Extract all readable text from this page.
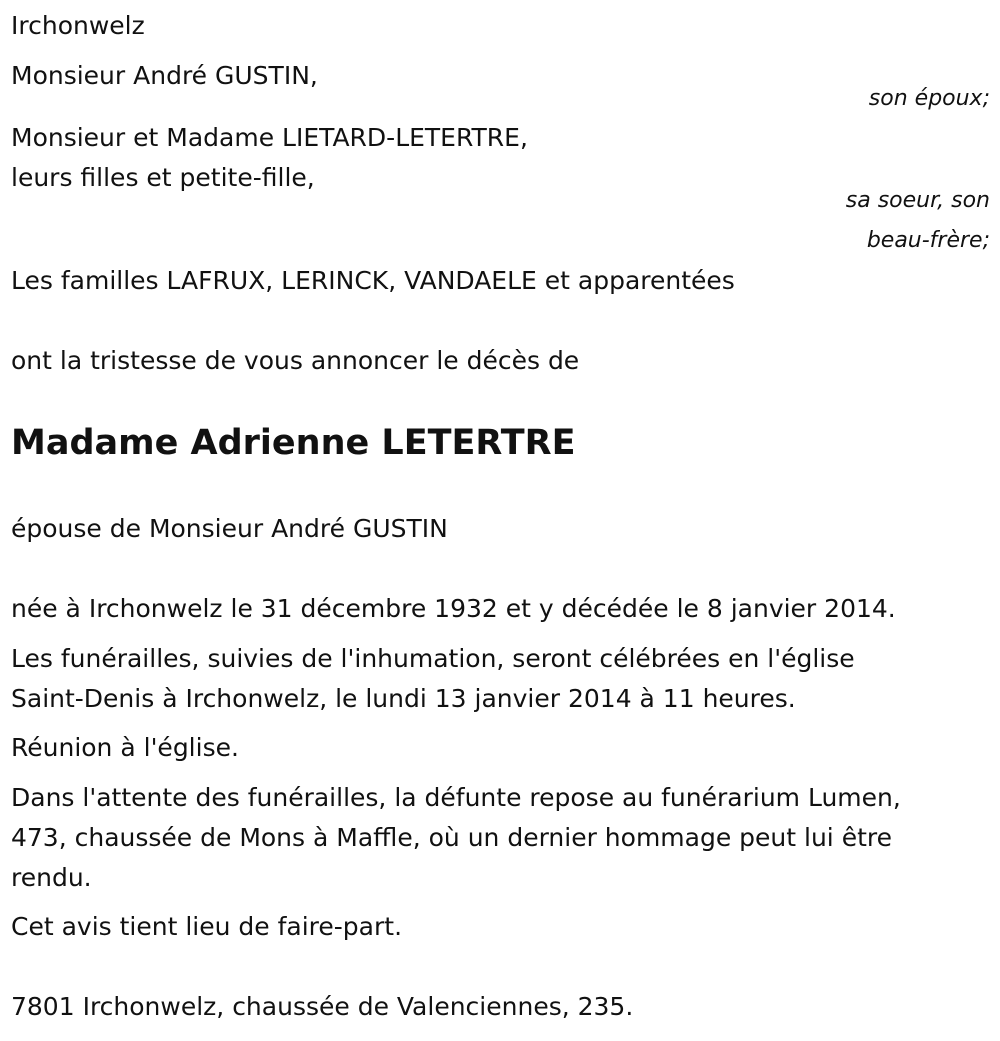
Irchonwelz
Monsieur André GUSTIN,
son époux;
Monsieur et Madame LIETARD-LETERTRE,
leurs filles et petite-fille,
sa soeur, son
beau-frère;
Les familles LAFRUX, LERINCK, VANDAELE et apparentées
ont la tristesse de vous annoncer le décès de
Madame Adrienne LETERTRE
épouse de Monsieur André GUSTIN
née à Irchonwelz le 31 décembre 1932 et y décédée le 8 janvier 2014.
Les funérailles, suivies de l'inhumation, seront célébrées en l'église
Saint-Denis à Irchonwelz, le lundi 13 janvier 2014 à 11 heures.
Réunion à l'église.
Dans l'attente des funérailles, la défunte repose au funérarium Lumen,
473, chaussée de Mons à Maffle, où un dernier hommage peut lui être
rendu.
Cet avis tient lieu de faire-part.
7801 Irchonwelz, chaussée de Valenciennes, 235.
